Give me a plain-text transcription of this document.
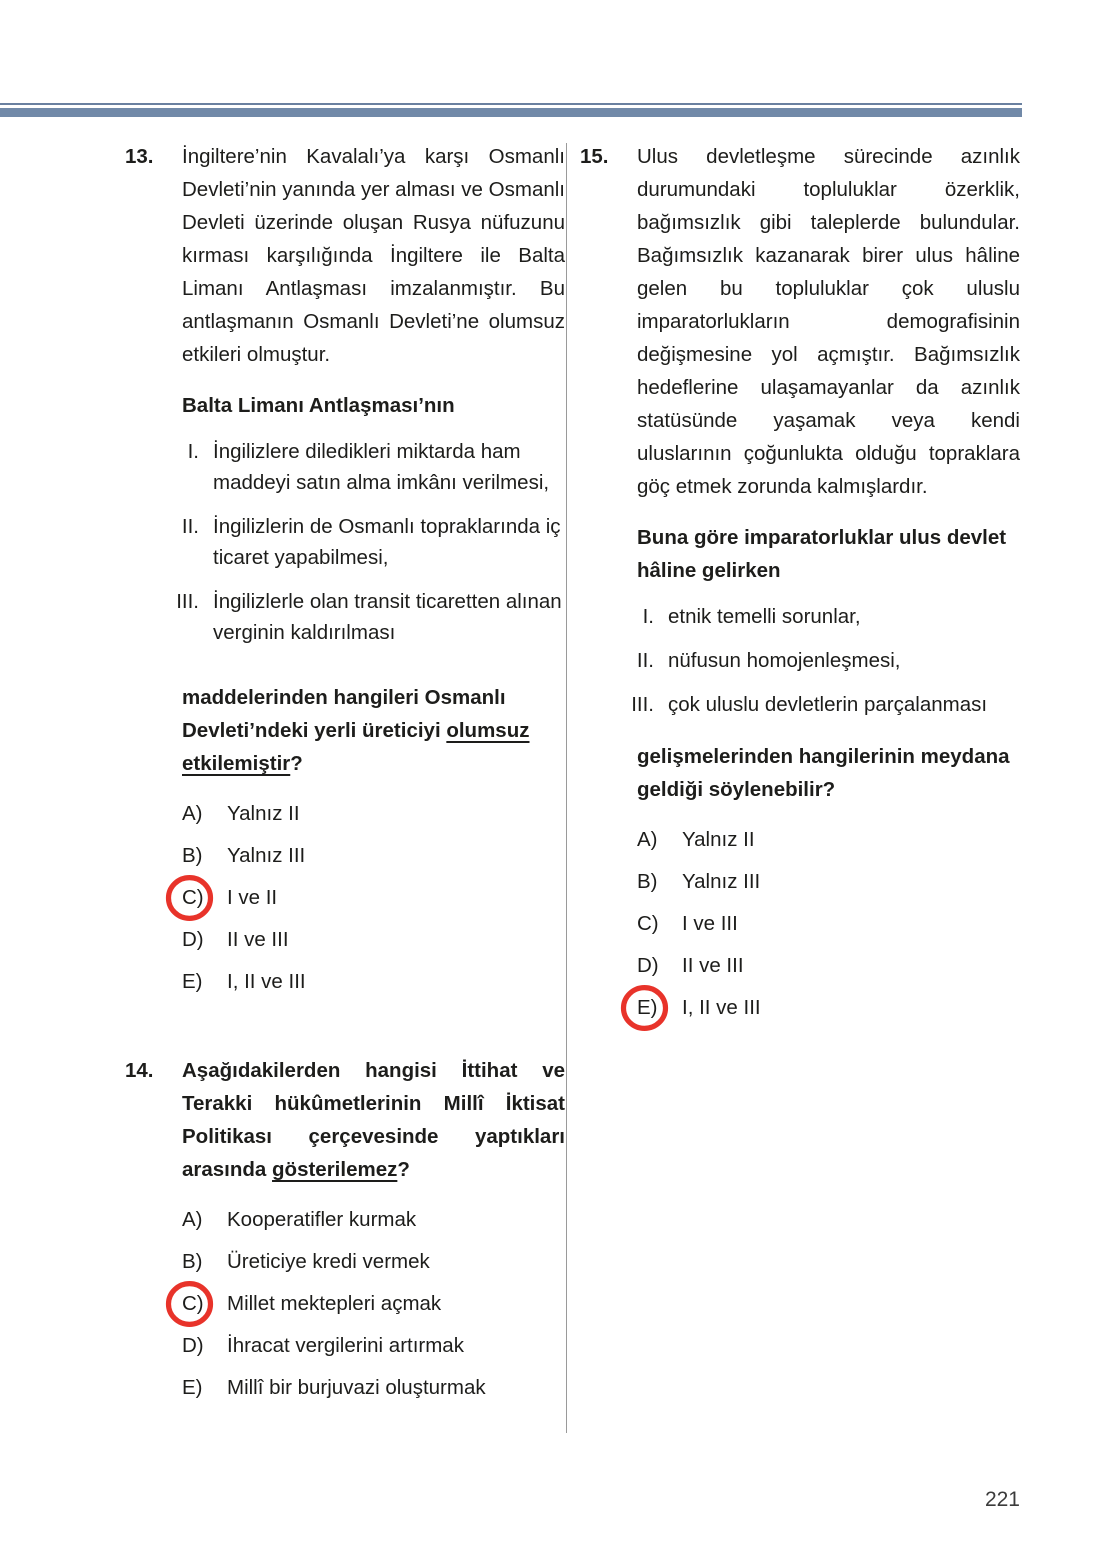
13.	İngiltere’nin Kavalalı’ya karşı Osmanlı Devleti’nin yanında yer alması ve Osmanlı Devleti üzerinde oluşan Rusya nüfuzunu kırması karşılığında İngiltere ile Balta Limanı Antlaşması imzalanmıştır. Bu antlaşmanın Osmanlı Devleti’ne olumsuz etkileri olmuştur.

Balta Limanı Antlaşması’nın

I. İngilizlere diledikleri miktarda ham maddeyi satın alma imkânı verilmesi,
II. İngilizlerin de Osmanlı topraklarında iç ticaret yapabilmesi,
III. İngilizlerle olan transit ticaretten alınan verginin kaldırılması

maddelerinden hangileri Osmanlı Devleti’ndeki yerli üreticiyi olumsuz etkilemiştir?

A)	Yalnız II
B)	Yalnız III
C)	I ve II
D)	II ve III
E)	I, II ve III
14.	Aşağıdakilerden hangisi İttihat ve Terakki hükûmetlerinin Millî İktisat Politikası çerçevesinde yaptıkları arasında gösterilemez?

A)	Kooperatifler kurmak
B)	Üreticiye kredi vermek
C)	Millet mektepleri açmak
D)	İhracat vergilerini artırmak
E)	Millî bir burjuvazi oluşturmak
15.	Ulus devletleşme sürecinde azınlık durumundaki topluluklar özerklik, bağımsızlık gibi taleplerde bulundular. Bağımsızlık kazanarak birer ulus hâline gelen bu topluluklar çok uluslu imparatorlukların demografisinin değişmesine yol açmıştır. Bağımsızlık hedeflerine ulaşamayanlar da azınlık statüsünde yaşamak veya kendi uluslarının çoğunlukta olduğu topraklara göç etmek zorunda kalmışlardır.

Buna göre imparatorluklar ulus devlet hâline gelirken

I. etnik temelli sorunlar,
II. nüfusun homojenleşmesi,
III. çok uluslu devletlerin parçalanması

gelişmelerinden hangilerinin meydana geldiği söylenebilir?

A)	Yalnız II
B)	Yalnız III
C)	I ve III
D)	II ve III
E)	I, II ve III
221
